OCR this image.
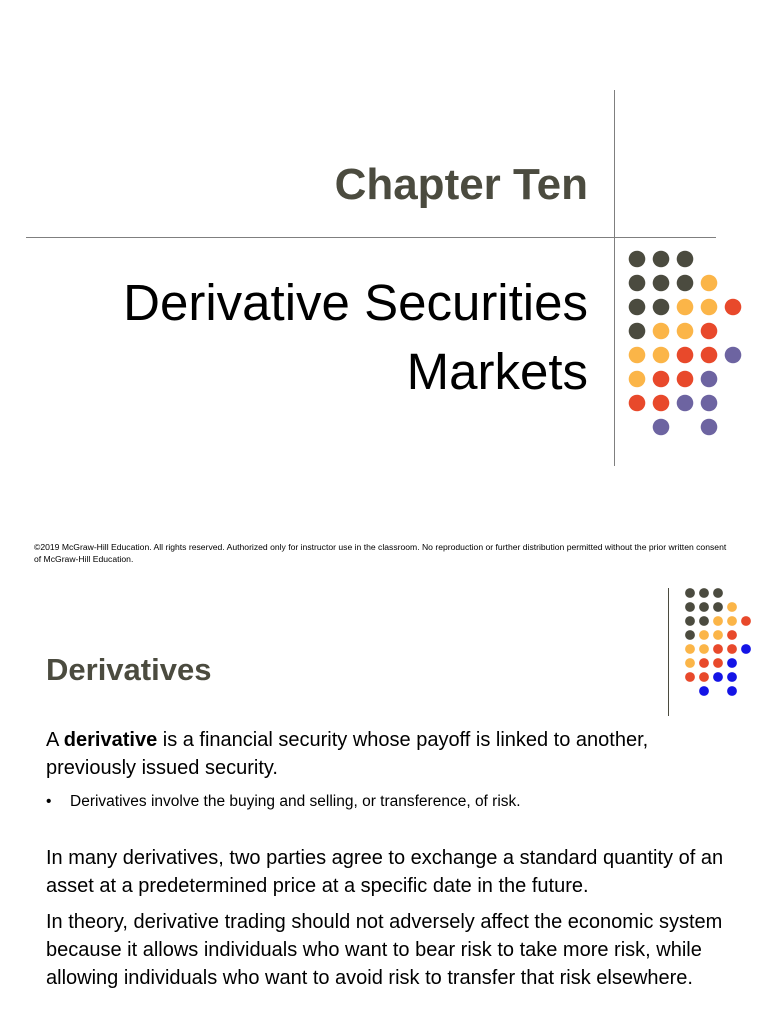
Chapter Ten
Derivative Securities
Markets
©2019 McGraw-Hill Education. All rights reserved. Authorized only for instructor use in the classroom. No reproduction or further distribution permitted without the prior written consent of McGraw-Hill Education.
Derivatives
A derivative is a financial security whose payoff is linked to another, previously issued security.
• Derivatives involve the buying and selling, or transference, of risk.
In many derivatives, two parties agree to exchange a standard quantity of an asset at a predetermined price at a specific date in the future.
In theory, derivative trading should not adversely affect the economic system because it allows individuals who want to bear risk to take more risk, while allowing individuals who want to avoid risk to transfer that risk elsewhere.
